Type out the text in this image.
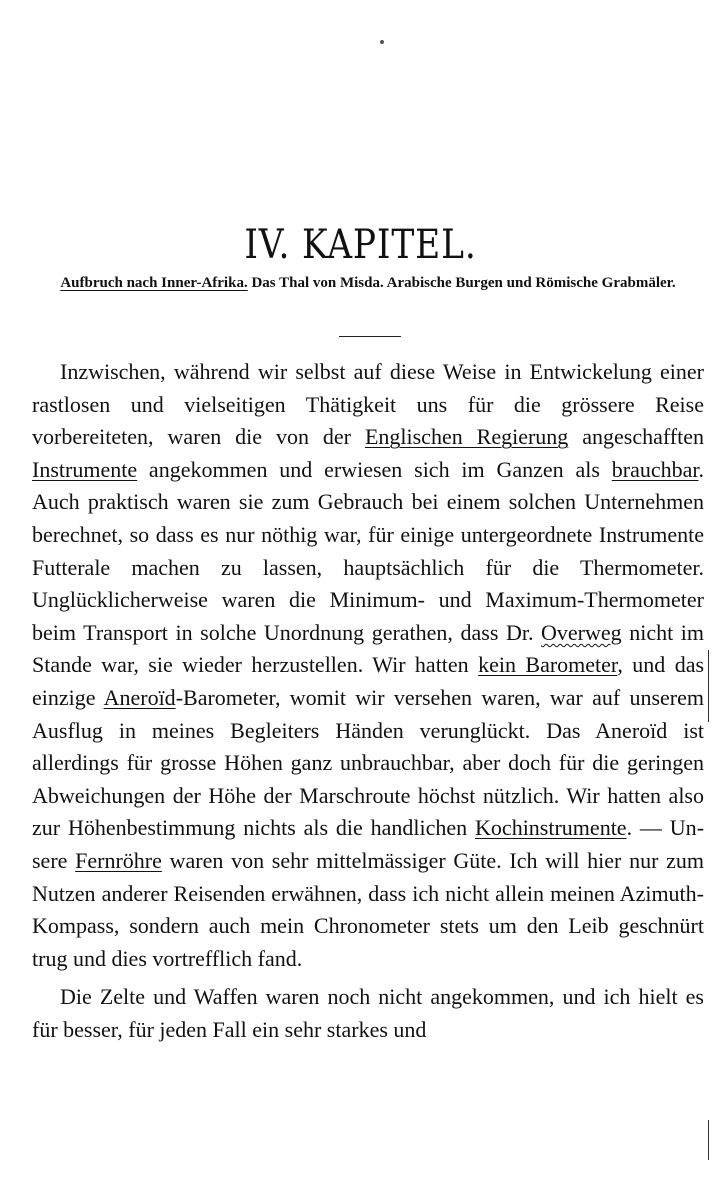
IV. KAPITEL.

Aufbruch nach Inner-Afrika. Das Thal von Misda. Arabische Burgen und Römische Grabmäler.

Inzwischen, während wir selbst auf diese Weise in Entwickelung einer rastlosen und vielseitigen Thätigkeit uns für die grössere Reise vorbereiteten, waren die von der Englischen Regierung angeschafften Instrumente angekommen und erwiesen sich im Ganzen als brauchbar. Auch praktisch waren sie zum Gebrauch bei einem solchen Unternehmen berechnet, so dass es nur nöthig war, für einige untergeordnete Instrumente Futterale machen zu lassen, hauptsächlich für die Thermometer. Unglücklicherweise waren die Minimum- und Maximum-Thermometer beim Transport in solche Unordnung gerathen, dass Dr. Overweg nicht im Stande war, sie wieder herzustellen. Wir hatten kein Barometer, und das einzige Aneroïd-Barometer, womit wir versehen waren, war auf unserem Ausflug in meines Begleiters Händen verunglückt. Das Aneroïd ist allerdings für grosse Höhen ganz unbrauchbar, aber doch für die geringen Abweichungen der Höhe der Marschroute höchst nützlich. Wir hatten also zur Höhenbestimmung nichts als die handlichen Kochinstrumente. — Unsere Fernröhre waren von sehr mittelmässiger Güte. Ich will hier nur zum Nutzen anderer Reisenden erwähnen, dass ich nicht allein meinen Azimuth-Kompass, sondern auch mein Chronometer stets um den Leib geschnürt trug und dies vortrefflich fand.

Die Zelte und Waffen waren noch nicht angekommen, und ich hielt es für besser, für jeden Fall ein sehr starkes und
